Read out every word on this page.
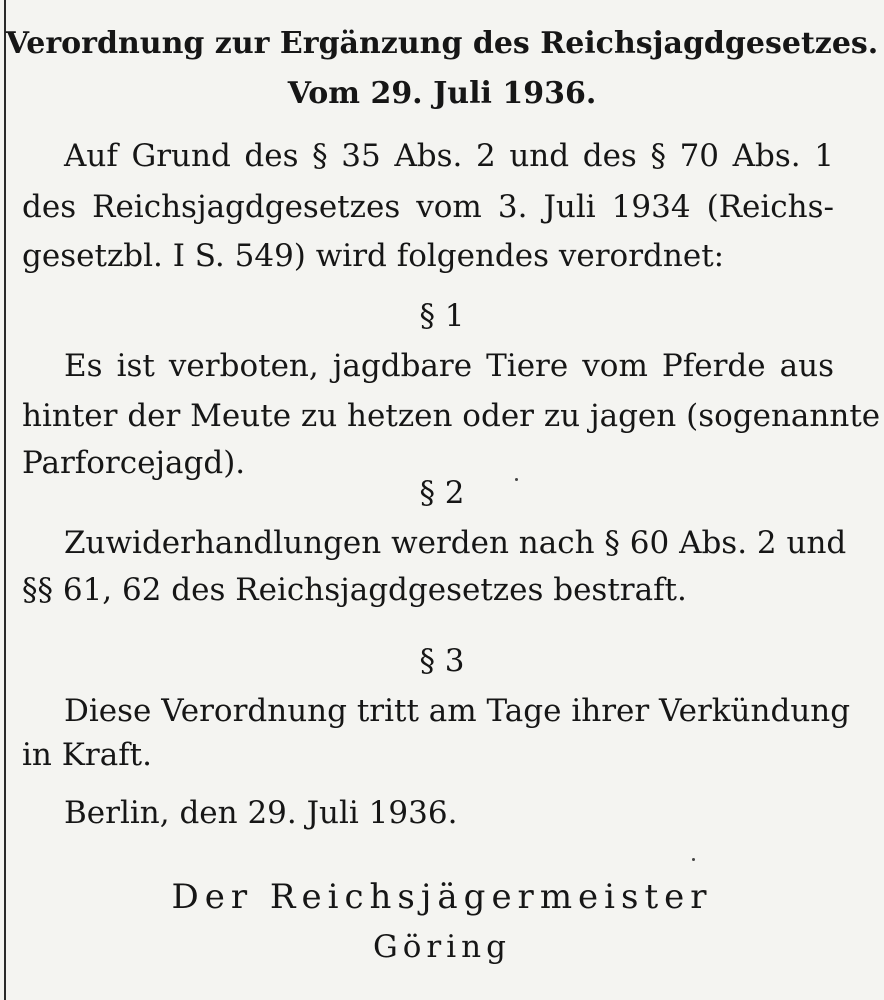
Verordnung zur Ergänzung des Reichsjagdgesetzes.
Vom 29. Juli 1936.
Auf Grund des § 35 Abs. 2 und des § 70 Abs. 1
des Reichsjagdgesetzes vom 3. Juli 1934 (Reichs-
gesetzbl. I S. 549) wird folgendes verordnet:
§ 1
Es ist verboten, jagdbare Tiere vom Pferde aus
hinter der Meute zu hetzen oder zu jagen (sogenannte
Parforcejagd).
§ 2
Zuwiderhandlungen werden nach § 60 Abs. 2 und
§§ 61, 62 des Reichsjagdgesetzes bestraft.
§ 3
Diese Verordnung tritt am Tage ihrer Verkündung
in Kraft.
Berlin, den 29. Juli 1936.
Der Reichsjägermeister
Göring
